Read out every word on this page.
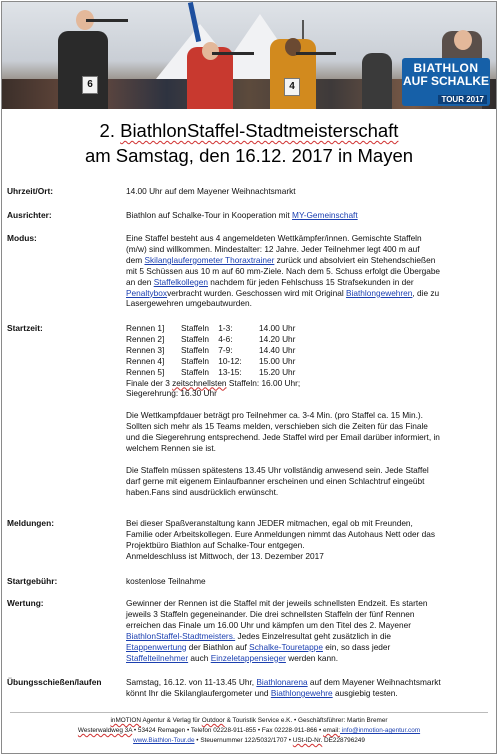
6	4
BIATHLON
AUF SCHALKE
TOUR 2017
2. BiathlonStaffel-Stadtmeisterschaft
am Samstag, den 16.12. 2017 in Mayen
Uhrzeit/Ort:	14.00 Uhr auf dem Mayener Weihnachtsmarkt
Ausrichter:	Biathlon auf Schalke-Tour in Kooperation mit MY-Gemeinschaft
Modus:	Eine Staffel besteht aus 4 angemeldeten Wettkämpfer/innen. Gemischte Staffeln
(m/w) sind willkommen. Mindestalter: 12 Jahre. Jeder Teilnehmer legt 400 m auf
dem Skilanglaufergometer Thoraxtrainer zurück und absolviert ein Stehendschießen
mit 5 Schüssen aus 10 m auf 60 mm-Ziele. Nach dem 5. Schuss erfolgt die Übergabe
an den Staffelkollegen nachdem für jeden Fehlschuss 15 Strafsekunden in der
Penaltyboxverbracht wurden. Geschossen wird mit Original Biathlongewehren, die zu
Lasergewehren umgebautwurden.
Startzeit:	Rennen 1]	Staffeln    1-3:	14.00 Uhr
Rennen 2]	Staffeln    4-6:	14.20 Uhr
Rennen 3]	Staffeln    7-9:	14.40 Uhr
Rennen 4]	Staffeln    10-12:	15.00 Uhr
Rennen 5]	Staffeln    13-15:	15.20 Uhr
Finale der 3 zeitschnellsten Staffeln: 16.00 Uhr;
Siegerehrung: 16.30 Uhr
Die Wettkampfdauer beträgt pro Teilnehmer ca. 3-4 Min. (pro Staffel ca. 15 Min.).
Sollten sich mehr als 15 Teams melden, verschieben sich die Zeiten für das Finale
und die Siegerehrung entsprechend. Jede Staffel wird per Email darüber informiert, in
welchem Rennen sie ist.
Die Staffeln müssen spätestens 13.45 Uhr vollständig anwesend sein. Jede Staffel
darf gerne mit eigenem Einlaufbanner erscheinen und einen Schlachtruf eingeübt
haben.Fans sind ausdrücklich erwünscht.
Meldungen:	Bei dieser Spaßveranstaltung kann JEDER mitmachen, egal ob mit Freunden,
Familie oder Arbeitskollegen. Eure Anmeldungen nimmt das Autohaus Nett oder das
Projektbüro Biathlon auf Schalke-Tour entgegen.
Anmeldeschluss ist Mittwoch, der 13. Dezember 2017
Startgebühr:	kostenlose Teilnahme
Wertung:	Gewinner der Rennen ist die Staffel mit der jeweils schnellsten Endzeit. Es starten
jeweils 3 Staffeln gegeneinander. Die drei schnellsten Staffeln der fünf Rennen
erreichen das Finale um 16.00 Uhr und kämpfen um den Titel des 2. Mayener
BiathlonStaffel-Stadtmeisters. Jedes Einzelresultat geht zusätzlich in die
Etappenwertung der Biathlon auf Schalke-Touretappe ein, so dass jeder
Staffelteilnehmer auch Einzeletappensieger werden kann.
Übungsschießen/laufen	Samstag, 16.12. von 11-13.45 Uhr, Biathlonarena auf dem Mayener Weihnachtsmarkt
könnt Ihr die Skilanglaufergometer und Biathlongewehre ausgiebig testen.
inMOTION Agentur & Verlag für Outdoor & Touristik Service e.K. • Geschäftsführer: Martin Bremer
Westerwaldweg 3A • 53424 Remagen • Telefon 02228-911-855 • Fax 02228-911-866 • email: info@inmotion-agentur.com
www.Biathlon-Tour.de • Steuernummer 122/5032/1707 • USt-ID-Nr. DE228796249
